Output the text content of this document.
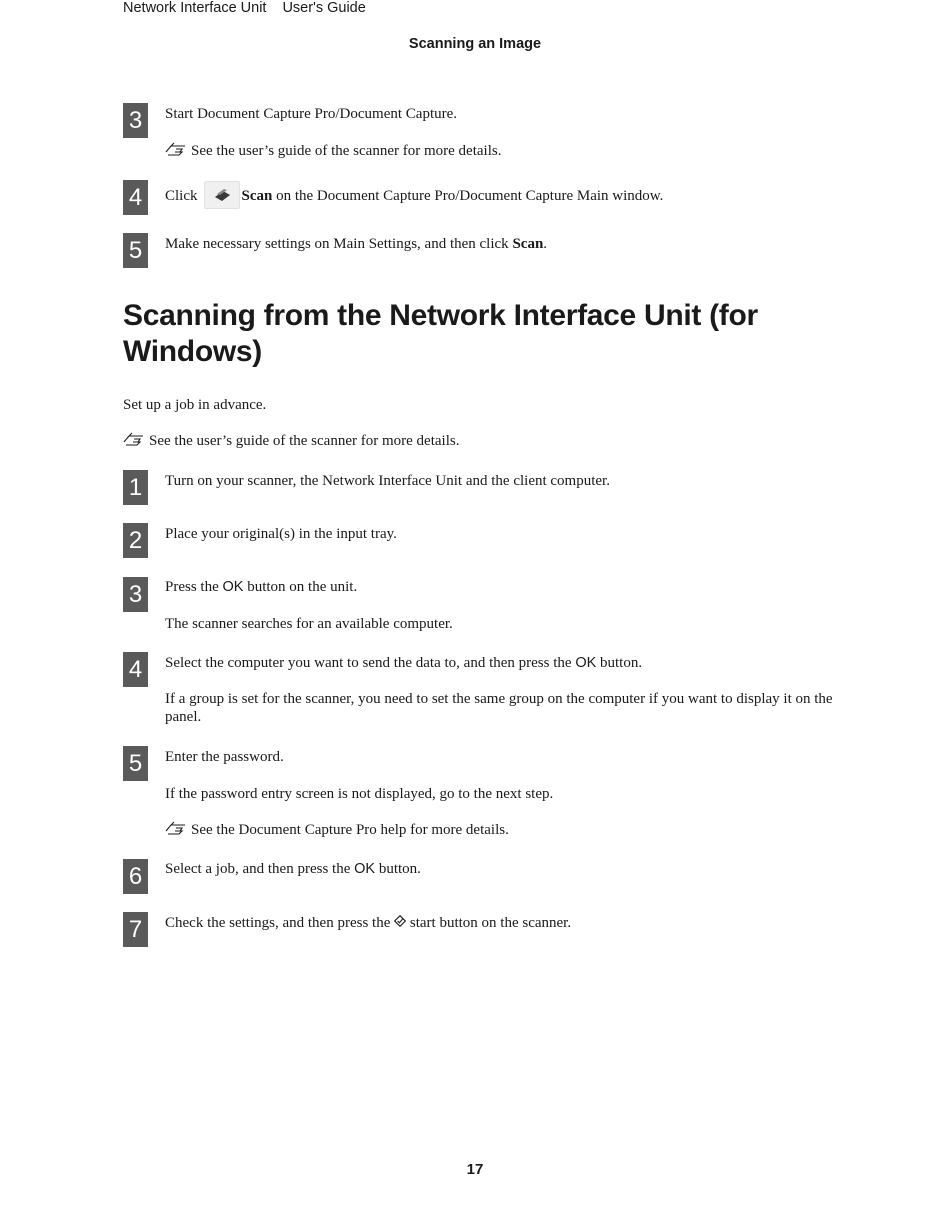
Network Interface Unit User's Guide
Scanning an Image
3	Start Document Capture Pro/Document Capture.
See the user’s guide of the scanner for more details.
4	Click	Scan on the Document Capture Pro/Document Capture Main window.
5	Make necessary settings on Main Settings, and then click Scan.
Scanning from the Network Interface Unit (for Windows)
Set up a job in advance.
See the user’s guide of the scanner for more details.
1	Turn on your scanner, the Network Interface Unit and the client computer.
2	Place your original(s) in the input tray.
3	Press the OK button on the unit.
The scanner searches for an available computer.
4	Select the computer you want to send the data to, and then press the OK button.
If a group is set for the scanner, you need to set the same group on the computer if you want to display it on the panel.
5	Enter the password.
If the password entry screen is not displayed, go to the next step.
See the Document Capture Pro help for more details.
6	Select a job, and then press the OK button.
7	Check the settings, and then press the  start button on the scanner.
17
